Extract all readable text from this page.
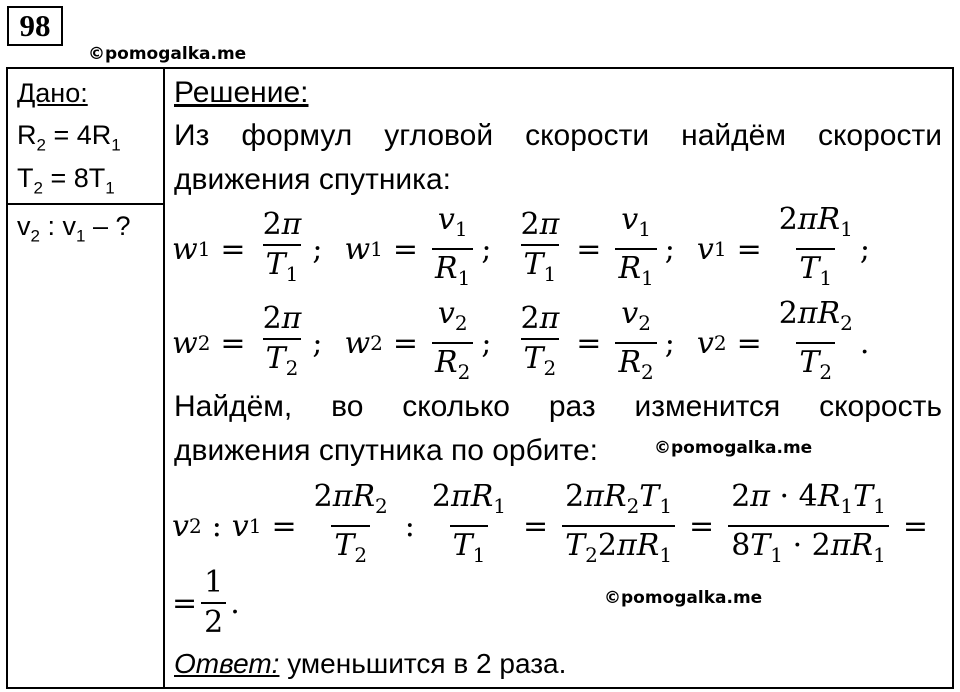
98
©pomogalka.me
Дано:
$R_2 = 4R_1$
$T_2 = 8T_1$
$v_2$ : $v_1$ – ?
Решение:
Из формул угловой скорости найдём скорости
движения спутника:
w $1 = \frac{2\pi}{T_1}$ ; w $1 = \frac{v_1}{R_1}$ ; $\frac{2\pi}{T_1} = \frac{v_1}{R_1}$ ; v $1 = \frac{2\pi R_1}{T_1}$ ;
w $2 = \frac{2\pi}{T_2}$ ; w $2 = \frac{v_2}{R_2}$ ; $\frac{2\pi}{T_2} = \frac{v_2}{R_2}$ ; v $2 = \frac{2\pi R_2}{T_2}$ .
Найдём, во сколько раз изменится скорость
движения спутника по орбите:	©pomogalka.me
v 2 : v $1 = \frac{2\pi R_2}{T_2}$ : $\frac{2\pi R_1}{T_1} = \frac{2\pi R_2T_1}{T_22\pi R_1} = \frac{2\pi \cdot 4R_1T_1}{8T_1 \cdot 2\pi R_1}$ =
= $\frac{1}{2}$ .	©pomogalka.me
Ответ: уменьшится в 2 раза.
